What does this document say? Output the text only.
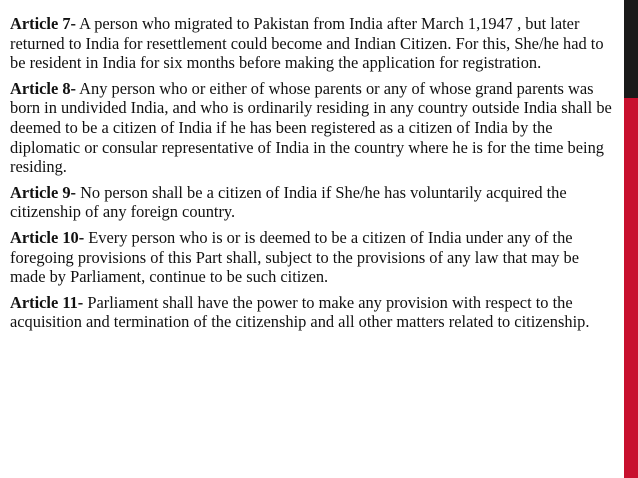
Article 7- A person who migrated to Pakistan from India after March 1,1947 , but later returned to India for resettlement could become and Indian Citizen. For this, She/he had to be resident in India for six months before making the application for registration.

Article 8- Any person who or either of whose parents or any of whose grand parents was born in undivided India, and who is ordinarily residing in any country outside India shall be deemed to be a citizen of India if he has been registered as a citizen of India by the diplomatic or consular representative of India in the country where he is for the time being residing.

Article 9- No person shall be a citizen of India if She/he has voluntarily acquired the citizenship of any foreign country.

Article 10- Every person who is or is deemed to be a citizen of India under any of the foregoing provisions of this Part shall, subject to the provisions of any law that may be made by Parliament, continue to be such citizen.

Article 11- Parliament shall have the power to make any provision with respect to the acquisition and termination of the citizenship and all other matters related to citizenship.
